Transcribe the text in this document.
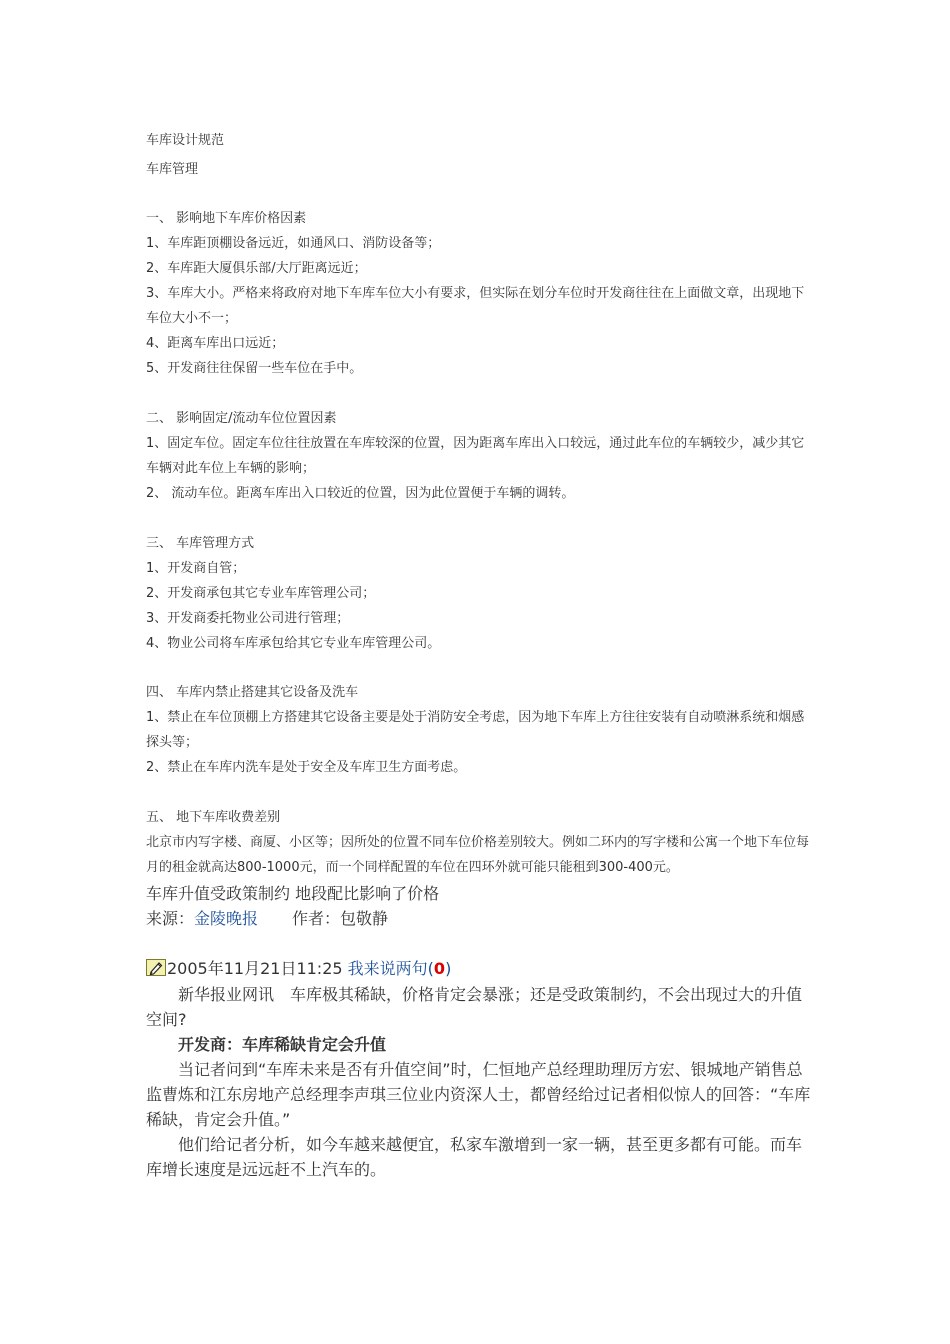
车库设计规范
车库管理
一、 影响地下车库价格因素
1、车库距顶棚设备远近，如通风口、消防设备等；
2、车库距大厦俱乐部/大厅距离远近；
3、车库大小。严格来将政府对地下车库车位大小有要求，但实际在划分车位时开发商往往在上面做文章，出现地下车位大小不一；
4、距离车库出口远近；
5、开发商往往保留一些车位在手中。
二、 影响固定/流动车位位置因素
1、固定车位。固定车位往往放置在车库较深的位置，因为距离车库出入口较远，通过此车位的车辆较少，减少其它车辆对此车位上车辆的影响；
2、 流动车位。距离车库出入口较近的位置，因为此位置便于车辆的调转。
三、 车库管理方式
1、开发商自管；
2、开发商承包其它专业车库管理公司；
3、开发商委托物业公司进行管理；
4、物业公司将车库承包给其它专业车库管理公司。
四、 车库内禁止搭建其它设备及洗车
1、禁止在车位顶棚上方搭建其它设备主要是处于消防安全考虑，因为地下车库上方往往安装有自动喷淋系统和烟感探头等；
2、禁止在车库内洗车是处于安全及车库卫生方面考虑。
五、 地下车库收费差别
北京市内写字楼、商厦、小区等；因所处的位置不同车位价格差别较大。例如二环内的写字楼和公寓一个地下车位每月的租金就高达800-1000元，而一个同样配置的车位在四环外就可能只能租到300-400元。
车库升值受政策制约 地段配比影响了价格
来源：金陵晚报 作者：包敬静
2005年11月21日11:25 我来说两句(0)
新华报业网讯　车库极其稀缺，价格肯定会暴涨；还是受政策制约，不会出现过大的升值空间?
开发商：车库稀缺肯定会升值
当记者问到“车库未来是否有升值空间”时，仁恒地产总经理助理厉方宏、银城地产销售总监曹炼和江东房地产总经理李声琪三位业内资深人士，都曾经给过记者相似惊人的回答：“车库稀缺，肯定会升值。”
他们给记者分析，如今车越来越便宜，私家车激增到一家一辆，甚至更多都有可能。而车库增长速度是远远赶不上汽车的。
